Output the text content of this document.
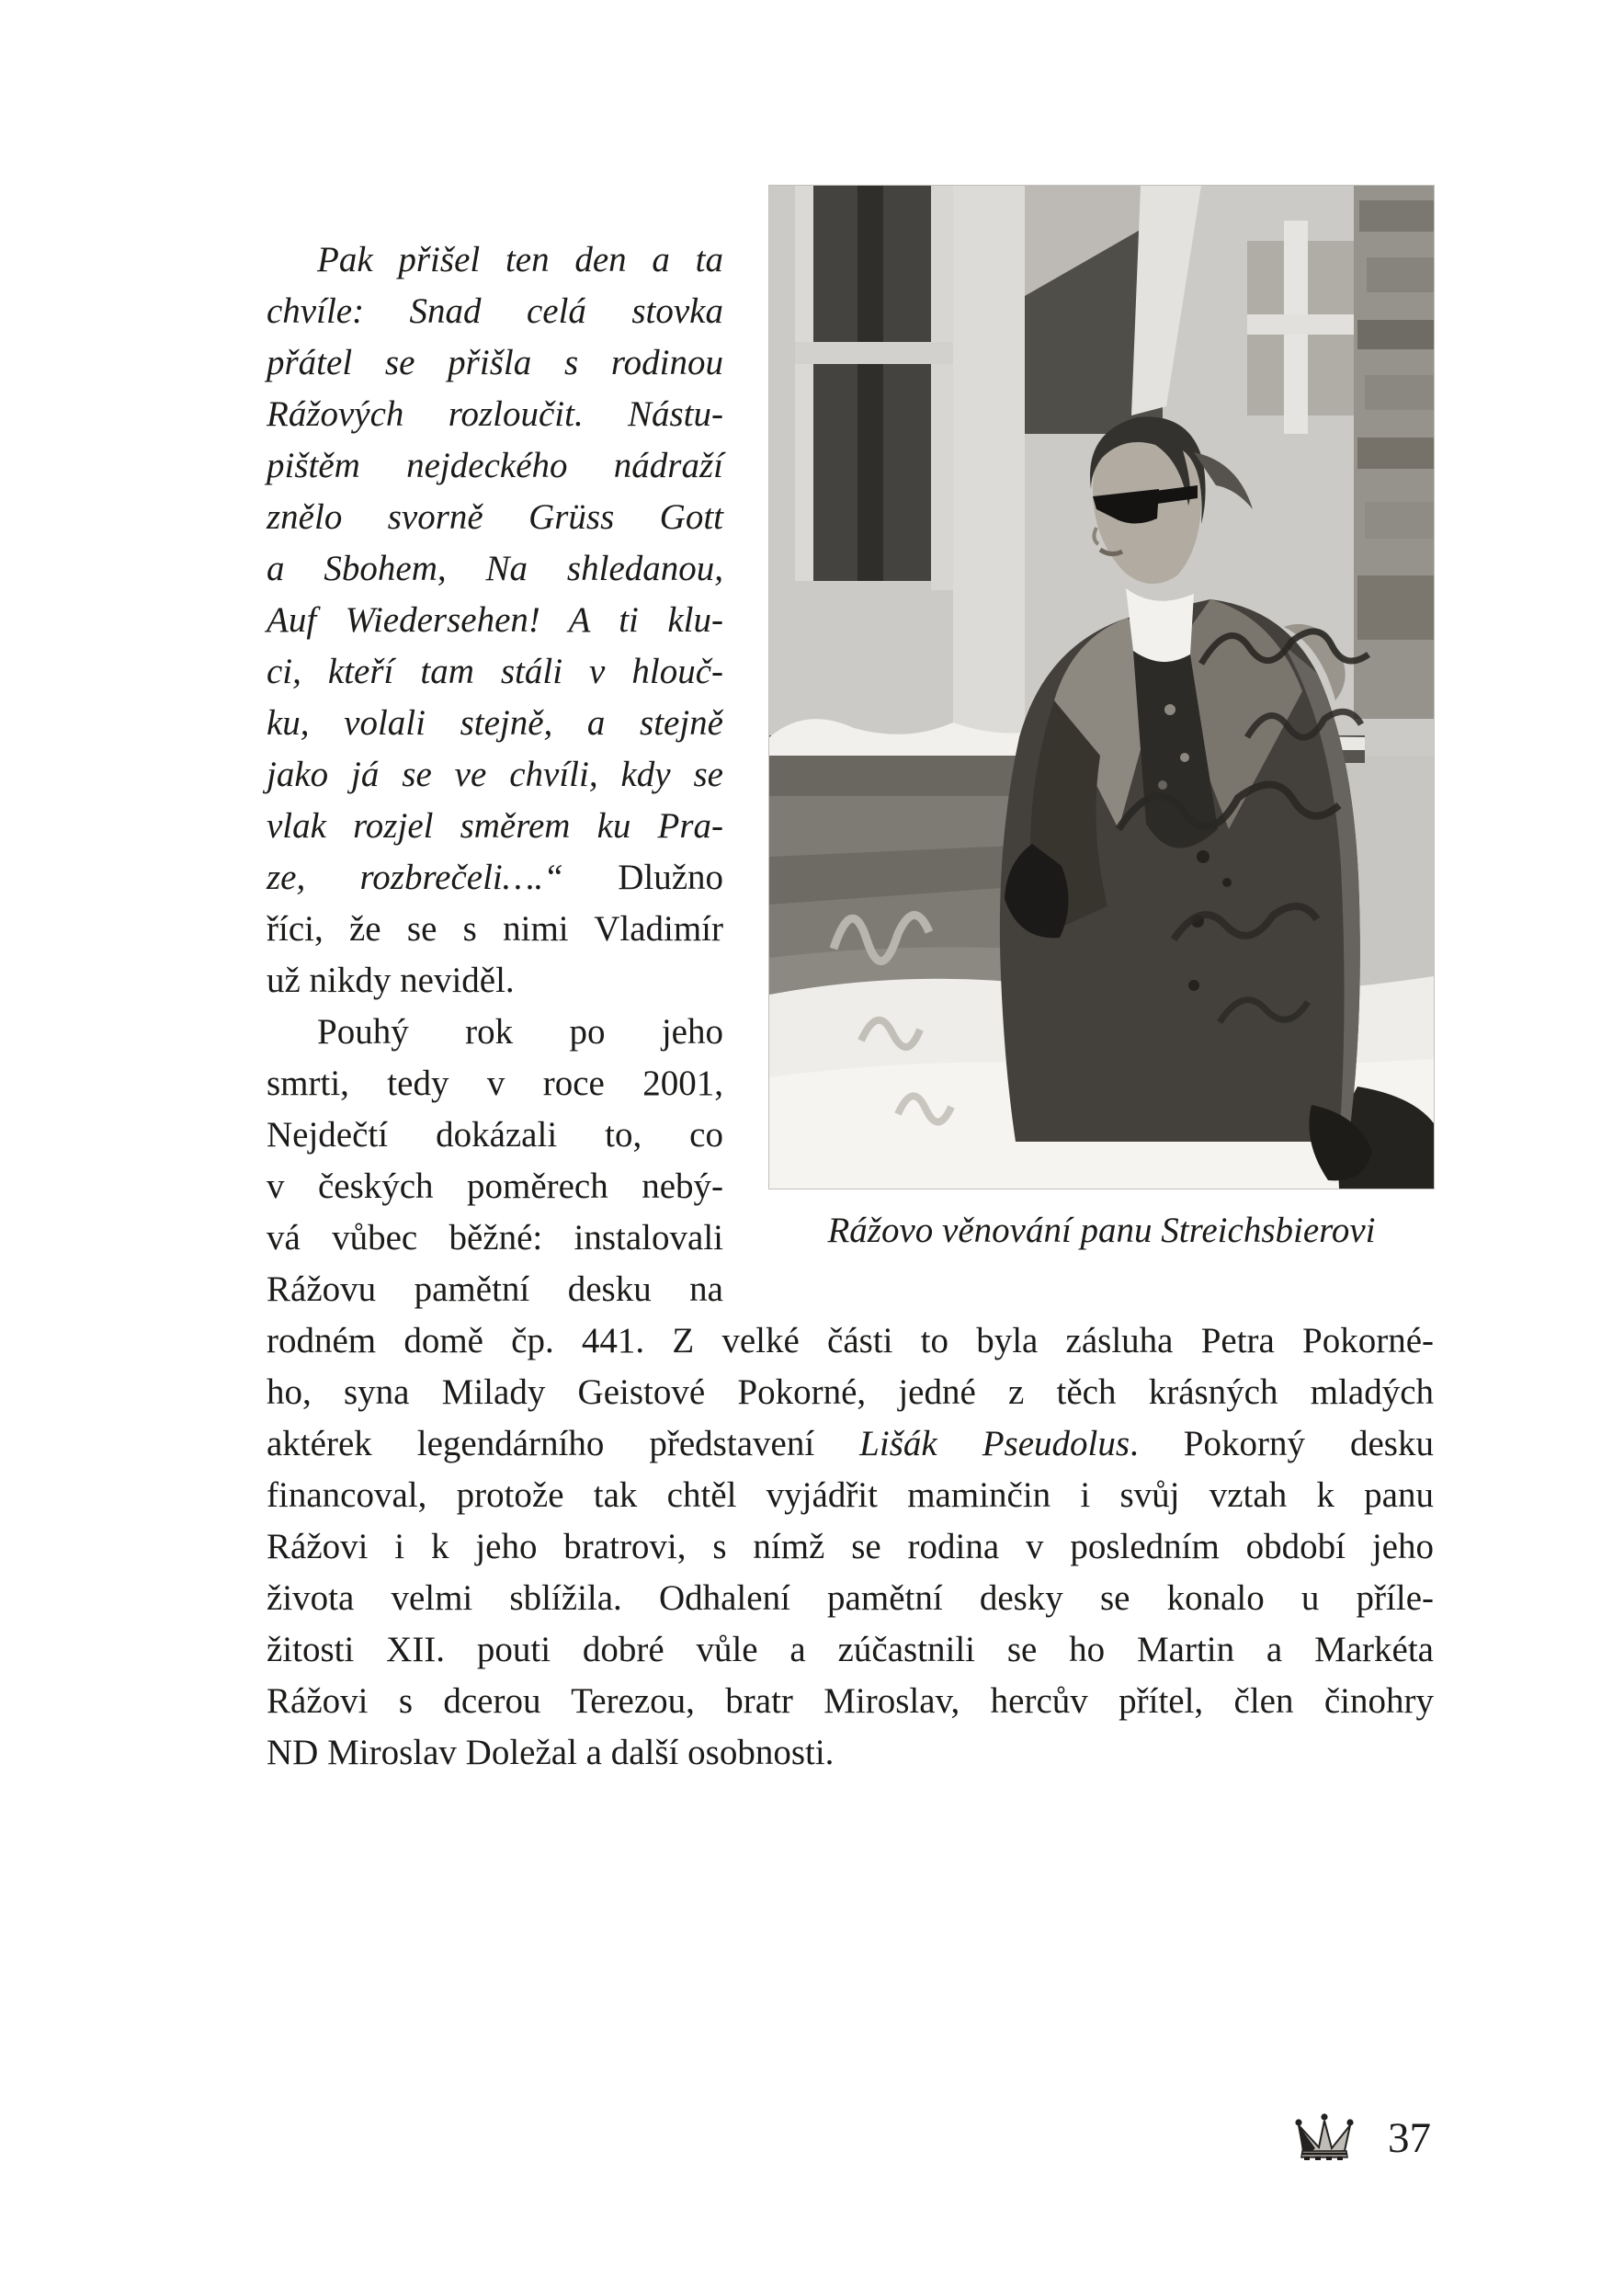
Rážovo věnování panu Streichsbierovi
Pak přišel ten den a ta
chvíle: Snad celá stovka
přátel se přišla s rodinou
Rážových rozloučit. Nástu-
pištěm nejdeckého nádraží
znělo svorně Grüss Gott
a Sbohem, Na shledanou,
Auf Wiedersehen! A ti klu-
ci, kteří tam stáli v hlouč-
ku, volali stejně, a stejně
jako já se ve chvíli, kdy se
vlak rozjel směrem ku Pra-
ze, rozbrečeli….“ Dlužno
říci, že se s nimi Vladimír
už nikdy neviděl.
Pouhý rok po jeho
smrti, tedy v roce 2001,
Nejdečtí dokázali to, co
v českých poměrech nebý-
vá vůbec běžné: instalovali
Rážovu pamětní desku na
rodném domě čp. 441. Z velké části to byla zásluha Petra Pokorné-
ho, syna Milady Geistové Pokorné, jedné z těch krásných mladých
aktérek legendárního představení Lišák Pseudolus. Pokorný desku
financoval, protože tak chtěl vyjádřit maminčin i svůj vztah k panu
Rážovi i k jeho bratrovi, s nímž se rodina v posledním období jeho
života velmi sblížila. Odhalení pamětní desky se konalo u příle-
žitosti XII. pouti dobré vůle a zúčastnili se ho Martin a Markéta
Rážovi s dcerou Terezou, bratr Miroslav, hercův přítel, člen činohry
ND Miroslav Doležal a další osobnosti.
37
